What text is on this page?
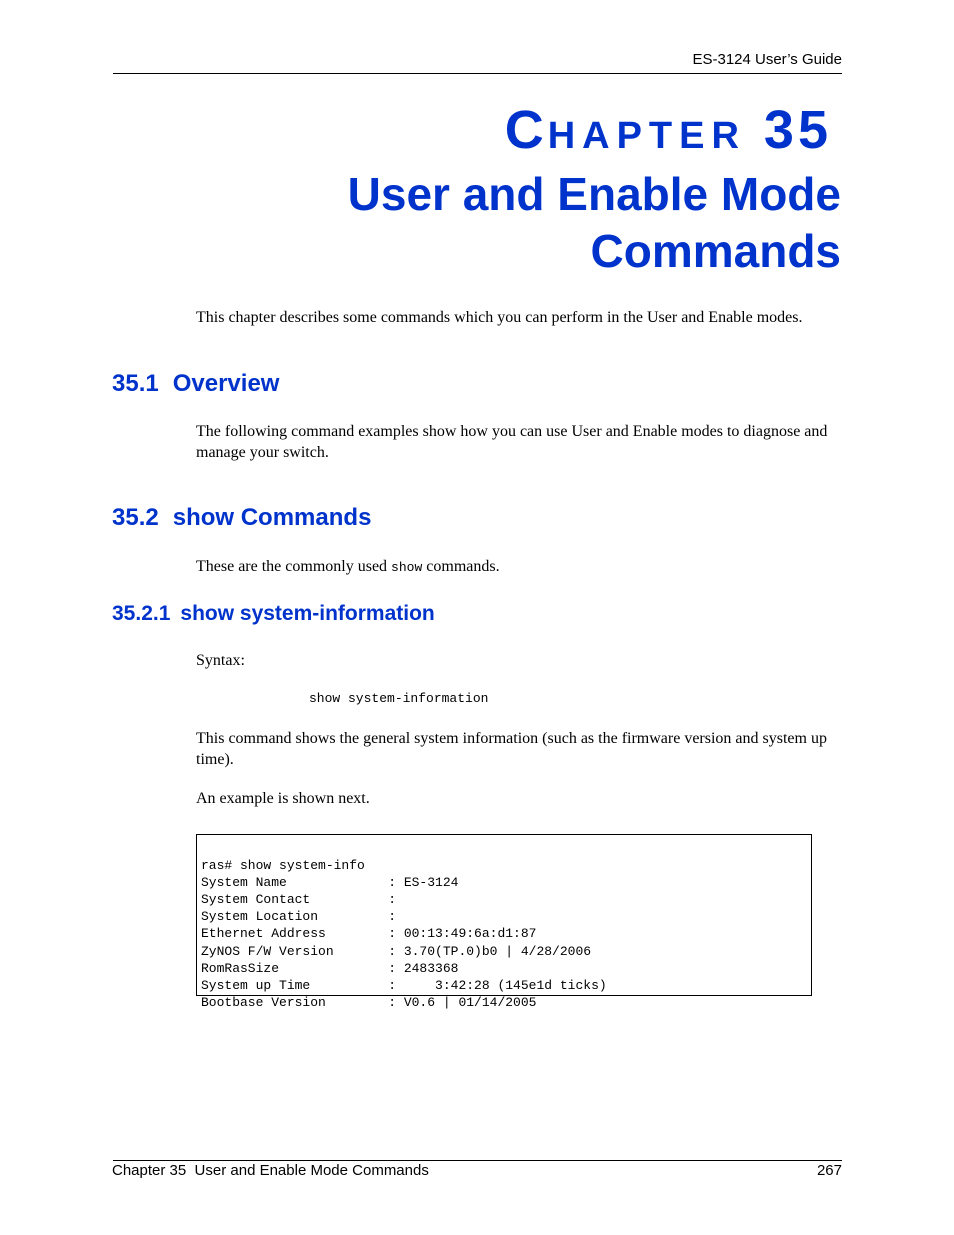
ES-3124 User’s Guide
CHAPTER 35
User and Enable Mode
Commands
This chapter describes some commands which you can perform in the User and Enable modes.
35.1 Overview
The following command examples show how you can use User and Enable modes to diagnose and manage your switch.
35.2 show Commands
These are the commonly used show commands.
35.2.1 show system-information
Syntax:
show system-information
This command shows the general system information (such as the firmware version and system up time).
An example is shown next.

ras# show system-info
System Name             : ES-3124
System Contact          :
System Location         :
Ethernet Address        : 00:13:49:6a:d1:87
ZyNOS F/W Version       : 3.70(TP.0)b0 | 4/28/2006
RomRasSize              : 2483368
System up Time          :     3:42:28 (145e1d ticks)
Bootbase Version        : V0.6 | 01/14/2005
Chapter 35  User and Enable Mode Commands	267
